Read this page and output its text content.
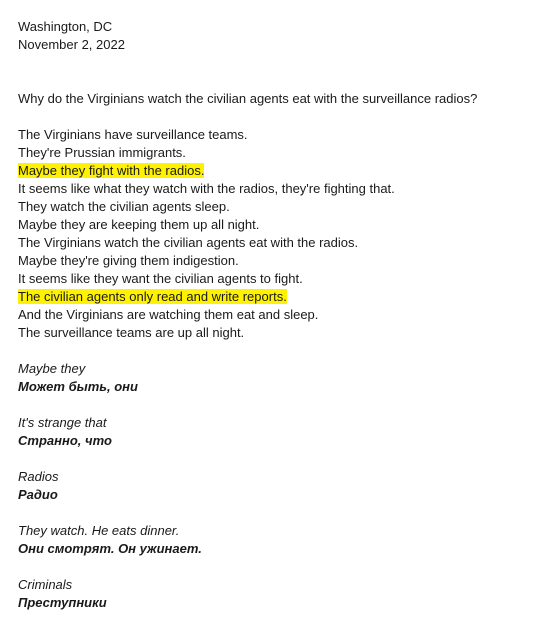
Washington, DC
November 2, 2022
Why do the Virginians watch the civilian agents eat with the surveillance radios?
The Virginians have surveillance teams.
They're Prussian immigrants.
Maybe they fight with the radios.
It seems like what they watch with the radios, they're fighting that.
They watch the civilian agents sleep.
Maybe they are keeping them up all night.
The Virginians watch the civilian agents eat with the radios.
Maybe they're giving them indigestion.
It seems like they want the civilian agents to fight.
The civilian agents only read and write reports.
And the Virginians are watching them eat and sleep.
The surveillance teams are up all night.
Maybe they
Может быть, они
It's strange that
Странно, что
Radios
Радио
They watch. He eats dinner.
Они смотрят. Он ужинает.
Criminals
Преступники
